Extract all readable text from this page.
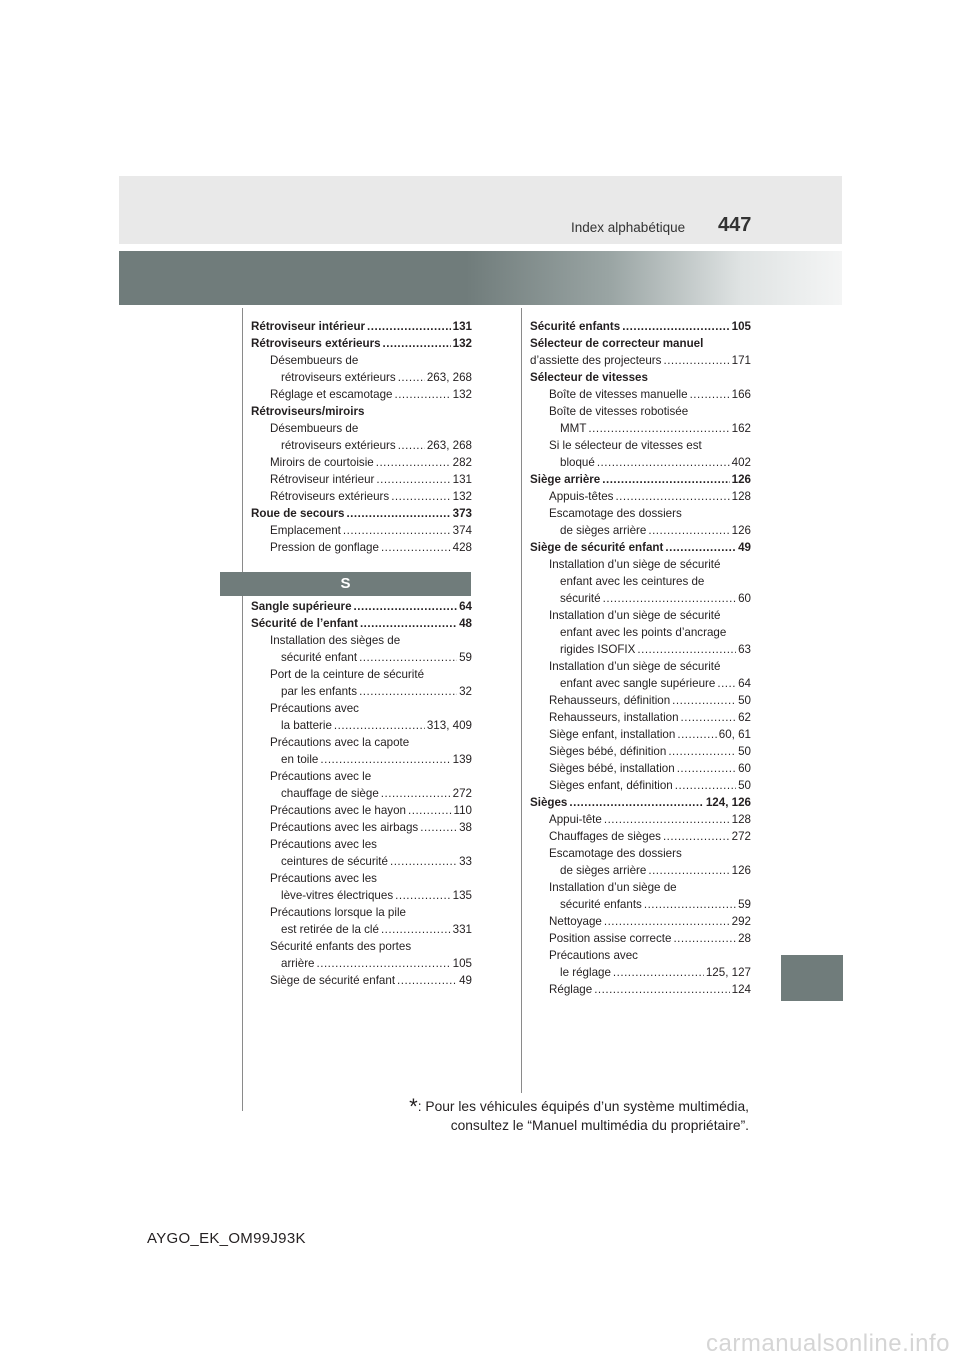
Index alphabétique 447
Rétroviseur intérieur .....	131
Rétroviseurs extérieurs .....	132
Désembueurs de
rétroviseurs extérieurs .....	263, 268
Réglage et escamotage .....	132
Rétroviseurs/miroirs
Désembueurs de
rétroviseurs extérieurs .....	263, 268
Miroirs de courtoisie .....	282
Rétroviseur intérieur .....	131
Rétroviseurs extérieurs .....	132
Roue de secours .....	373
Emplacement .....	374
Pression de gonflage .....	428
S
Sangle supérieure .....	64
Sécurité de l’enfant .....	48
Installation des sièges de
sécurité enfant .....	59
Port de la ceinture de sécurité
par les enfants .....	32
Précautions avec
la batterie .....	313, 409
Précautions avec la capote
en toile .....	139
Précautions avec le
chauffage de siège .....	272
Précautions avec le hayon .....	110
Précautions avec les airbags .....	38
Précautions avec les
ceintures de sécurité .....	33
Précautions avec les
lève-vitres électriques .....	135
Précautions lorsque la pile
est retirée de la clé .....	331
Sécurité enfants des portes
arrière .....	105
Siège de sécurité enfant .....	49
Sécurité enfants .....	105
Sélecteur de correcteur manuel
d’assiette des projecteurs .....	171
Sélecteur de vitesses
Boîte de vitesses manuelle .....	166
Boîte de vitesses robotisée
MMT .....	162
Si le sélecteur de vitesses est
bloqué .....	402
Siège arrière .....	126
Appuis-têtes .....	128
Escamotage des dossiers
de sièges arrière .....	126
Siège de sécurité enfant .....	49
Installation d’un siège de sécurité
enfant avec les ceintures de
sécurité .....	60
Installation d’un siège de sécurité
enfant avec les points d’ancrage
rigides ISOFIX .....	63
Installation d’un siège de sécurité
enfant avec sangle supérieure ..... 64
Rehausseurs, définition .....	50
Rehausseurs, installation .....	62
Siège enfant, installation .....	60, 61
Sièges bébé, définition .....	50
Sièges bébé, installation .....	60
Sièges enfant, définition .....	50
Sièges .....	124, 126
Appui-tête .....	128
Chauffages de sièges .....	272
Escamotage des dossiers
de sièges arrière .....	126
Installation d’un siège de
sécurité enfants .....	59
Nettoyage .....	292
Position assise correcte .....	28
Précautions avec
le réglage .....	125, 127
Réglage .....	124
*: Pour les véhicules équipés d’un système multimédia,
consultez le “Manuel multimédia du propriétaire”.
AYGO_EK_OM99J93K
carmanualsonline.info
